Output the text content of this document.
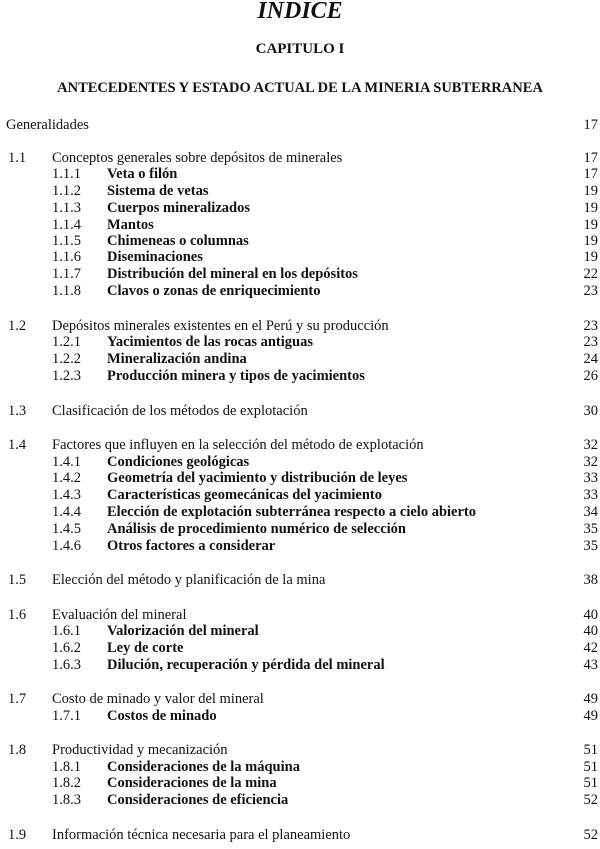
INDICE
CAPITULO I
ANTECEDENTES Y ESTADO ACTUAL DE LA MINERIA SUBTERRANEA
Generalidades	17
1.1 Conceptos generales sobre depósitos de minerales	17
1.1.1 Veta o filón	17
1.1.2 Sistema de vetas	19
1.1.3 Cuerpos mineralizados	19
1.1.4 Mantos	19
1.1.5 Chimeneas o columnas	19
1.1.6 Diseminaciones	19
1.1.7 Distribución del mineral en los depósitos	22
1.1.8 Clavos o zonas de enriquecimiento	23
1.2 Depósitos minerales existentes en el Perú y su producción	23
1.2.1 Yacimientos de las rocas antiguas	23
1.2.2 Mineralización andina	24
1.2.3 Producción minera y tipos de yacimientos	26
1.3 Clasificación de los métodos de explotación	30
1.4 Factores que influyen en la selección del método de explotación	32
1.4.1 Condiciones geológicas	32
1.4.2 Geometría del yacimiento y distribución de leyes	33
1.4.3 Características geomecánicas del yacimiento	33
1.4.4 Elección de explotación subterránea respecto a cielo abierto	34
1.4.5 Análisis de procedimiento numérico de selección	35
1.4.6 Otros factores a considerar	35
1.5 Elección del método y planificación de la mina	38
1.6 Evaluación del mineral	40
1.6.1 Valorización del mineral	40
1.6.2 Ley de corte	42
1.6.3 Dilución, recuperación y pérdida del mineral	43
1.7 Costo de minado y valor del mineral	49
1.7.1 Costos de minado	49
1.8 Productividad y mecanización	51
1.8.1 Consideraciones de la máquina	51
1.8.2 Consideraciones de la mina	51
1.8.3 Consideraciones de eficiencia	52
1.9 Información técnica necesaria para el planeamiento	52
